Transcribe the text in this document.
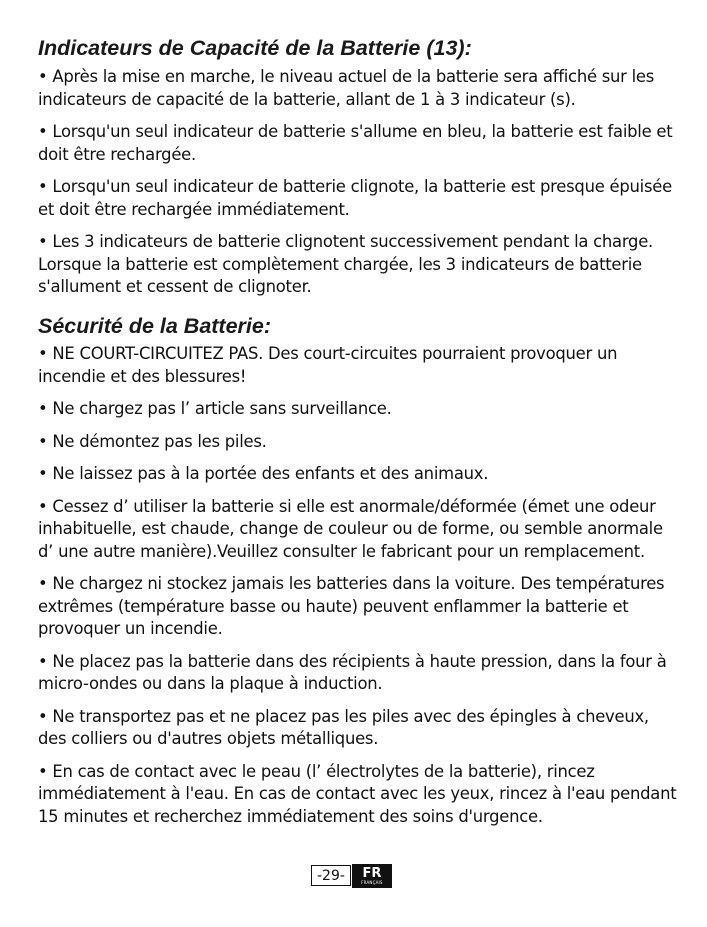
Indicateurs de Capacité de la Batterie (13):
• Après la mise en marche, le niveau actuel de la batterie sera affiché sur les indicateurs de capacité de la batterie, allant de 1 à 3 indicateur (s).
• Lorsqu'un seul indicateur de batterie s'allume en bleu, la batterie est faible et doit être rechargée.
• Lorsqu'un seul indicateur de batterie clignote, la batterie est presque épuisée et doit être rechargée immédiatement.
• Les 3 indicateurs de batterie clignotent successivement pendant la charge. Lorsque la batterie est complètement chargée, les 3 indicateurs de batterie s'allument et cessent de clignoter.
Sécurité de la Batterie:
• NE COURT-CIRCUITEZ PAS. Des court-circuites pourraient provoquer un incendie et des blessures!
• Ne chargez pas l’ article sans surveillance.
• Ne démontez pas les piles.
• Ne laissez pas à la portée des enfants et des animaux.
• Cessez d’ utiliser la batterie si elle est anormale/déformée (émet une odeur inhabituelle, est chaude, change de couleur ou de forme, ou semble anormale d’ une autre manière).Veuillez consulter le fabricant pour un remplacement.
• Ne chargez ni stockez jamais les batteries dans la voiture. Des températures extrêmes (température basse ou haute) peuvent enflammer la batterie et provoquer un incendie.
• Ne placez pas la batterie dans des récipients à haute pression, dans la four à micro-ondes ou dans la plaque à induction.
• Ne transportez pas et ne placez pas les piles avec des épingles à cheveux, des colliers ou d'autres objets métalliques.
• En cas de contact avec le peau (l’ électrolytes de la batterie), rincez immédiatement à l'eau. En cas de contact avec les yeux, rincez à l'eau pendant 15 minutes et recherchez immédiatement des soins d'urgence.
-29-	FR
FRANÇAIS
